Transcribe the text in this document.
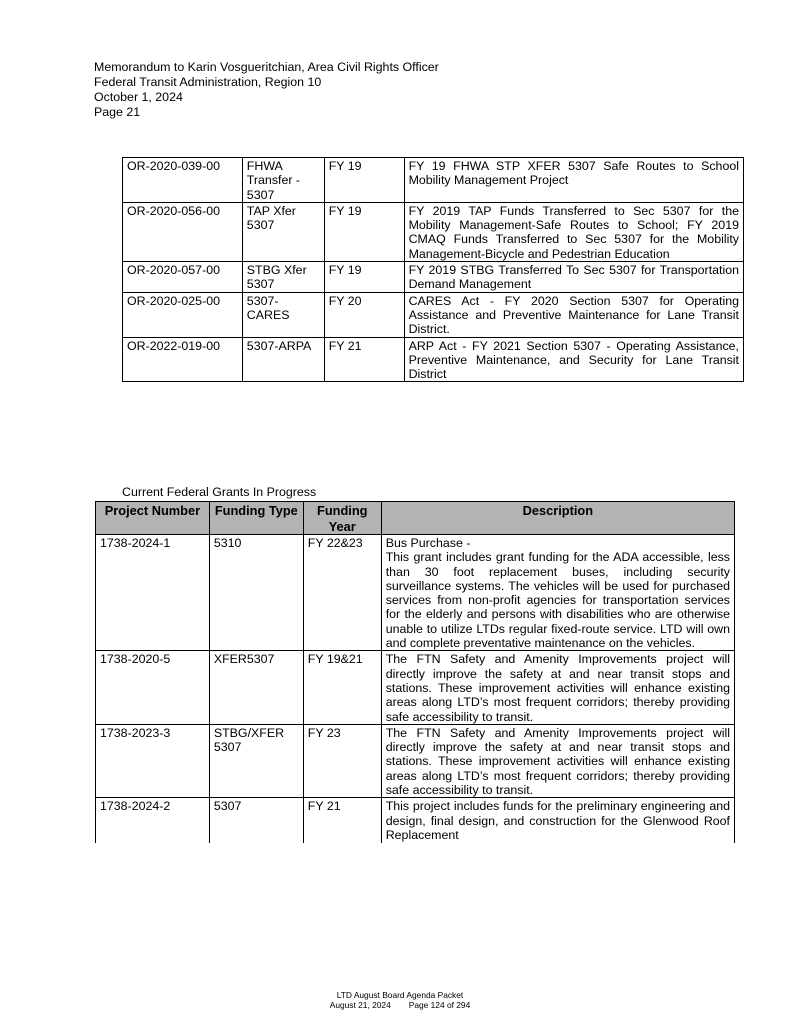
Memorandum to Karin Vosgueritchian, Area Civil Rights Officer
Federal Transit Administration, Region 10
October 1, 2024
Page 21
OR-2020-039-00	FHWA Transfer - 5307	FY 19	FY 19 FHWA STP XFER 5307 Safe Routes to School Mobility Management Project
OR-2020-056-00	TAP Xfer 5307	FY 19	FY 2019 TAP Funds Transferred to Sec 5307 for the Mobility Management-Safe Routes to School; FY 2019 CMAQ Funds Transferred to Sec 5307 for the Mobility Management-Bicycle and Pedestrian Education
OR-2020-057-00	STBG Xfer 5307	FY 19	FY 2019 STBG Transferred To Sec 5307 for Transportation Demand Management
OR-2020-025-00	5307-CARES	FY 20	CARES Act - FY 2020 Section 5307 for Operating Assistance and Preventive Maintenance for Lane Transit District.
OR-2022-019-00	5307-ARPA	FY 21	ARP Act - FY 2021 Section 5307 - Operating Assistance, Preventive Maintenance, and Security for Lane Transit District
Current Federal Grants In Progress
Project Number	Funding Type	Funding Year	Description
1738-2024-1	5310	FY 22&23	Bus Purchase -
This grant includes grant funding for the ADA accessible, less than 30 foot replacement buses, including security surveillance systems. The vehicles will be used for purchased services from non-profit agencies for transportation services for the elderly and persons with disabilities who are otherwise unable to utilize LTDs regular fixed-route service. LTD will own and complete preventative maintenance on the vehicles.

1738-2020-5	XFER5307	FY 19&21	The FTN Safety and Amenity Improvements project will directly improve the safety at and near transit stops and stations. These improvement activities will enhance existing areas along LTD’s most frequent corridors; thereby providing safe accessibility to transit.
1738-2023-3	STBG/XFER 5307	FY 23	The FTN Safety and Amenity Improvements project will directly improve the safety at and near transit stops and stations. These improvement activities will enhance existing areas along LTD’s most frequent corridors; thereby providing safe accessibility to transit.
1738-2024-2	5307	FY 21	This project includes funds for the preliminary engineering and design, final design, and construction for the Glenwood Roof Replacement
LTD August Board Agenda Packet
August 21, 2024 Page 124 of 294
